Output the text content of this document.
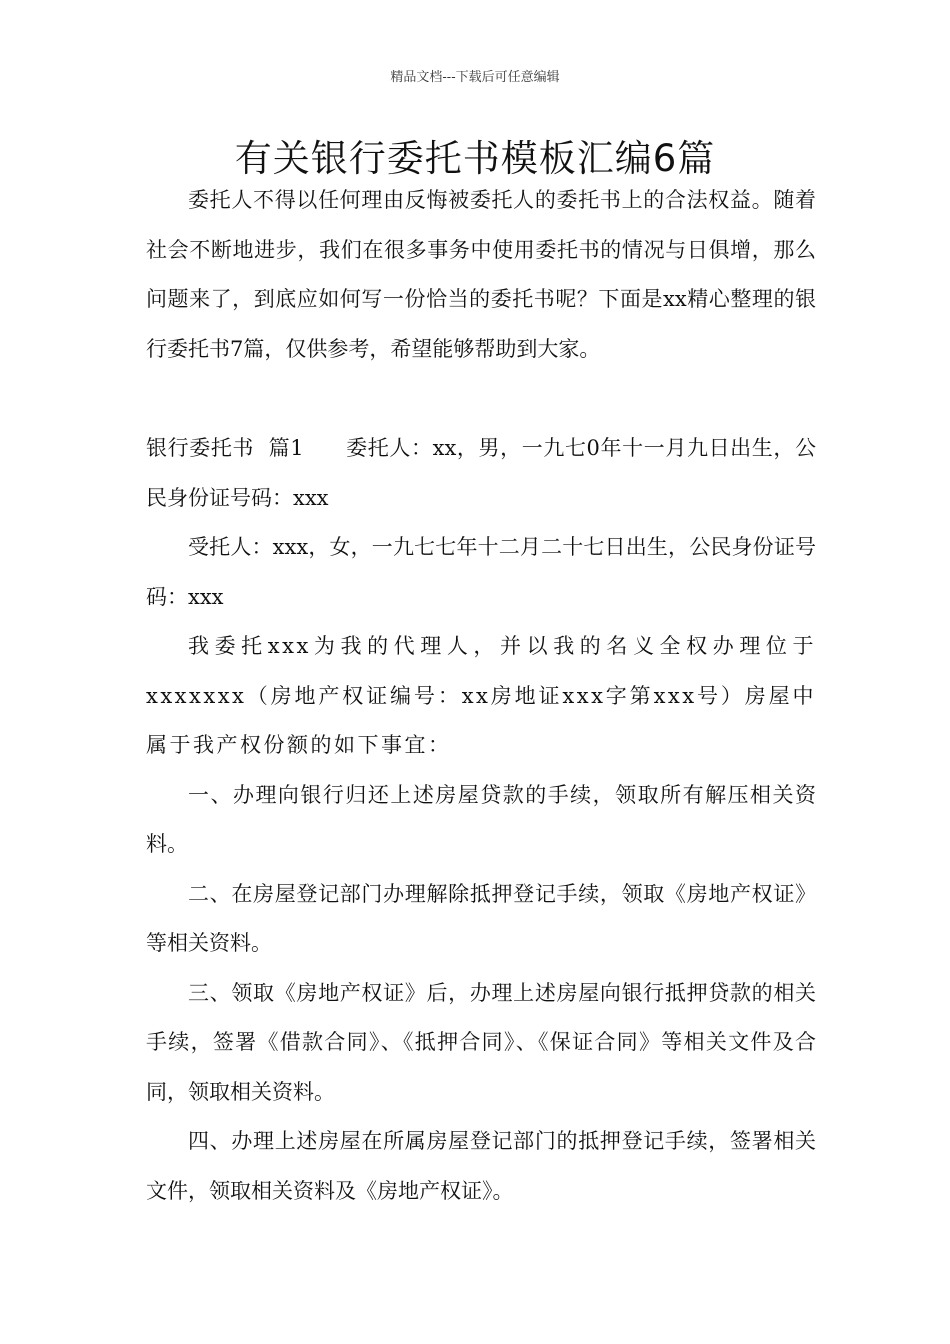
精品文档---下载后可任意编辑
有关银行委托书模板汇编6篇

委托人不得以任何理由反悔被委托人的委托书上的合法权益。随着社会不断地进步，我们在很多事务中使用委托书的情况与日俱增，那么问题来了，到底应如何写一份恰当的委托书呢？下面是xx精心整理的银行委托书7篇，仅供参考，希望能够帮助到大家。

银行委托书  篇1 委托人：xx，男，一九七0年十一月九日出生，公民身份证号码：xxx

受托人：xxx，女，一九七七年十二月二十七日出生，公民身份证号码：xxx

我委托xxx为我的代理人，并以我的名义全权办理位于xxxxxxx（房地产权证编号：xx房地证xxx字第xxx号）房屋中属于我产权份额的如下事宜：

一、办理向银行归还上述房屋贷款的手续，领取所有解压相关资料。

二、在房屋登记部门办理解除抵押登记手续，领取《房地产权证》等相关资料。

三、领取《房地产权证》后，办理上述房屋向银行抵押贷款的相关手续，签署《借款合同》、《抵押合同》、《保证合同》等相关文件及合同，领取相关资料。

四、办理上述房屋在所属房屋登记部门的抵押登记手续，签署相关文件，领取相关资料及《房地产权证》。
